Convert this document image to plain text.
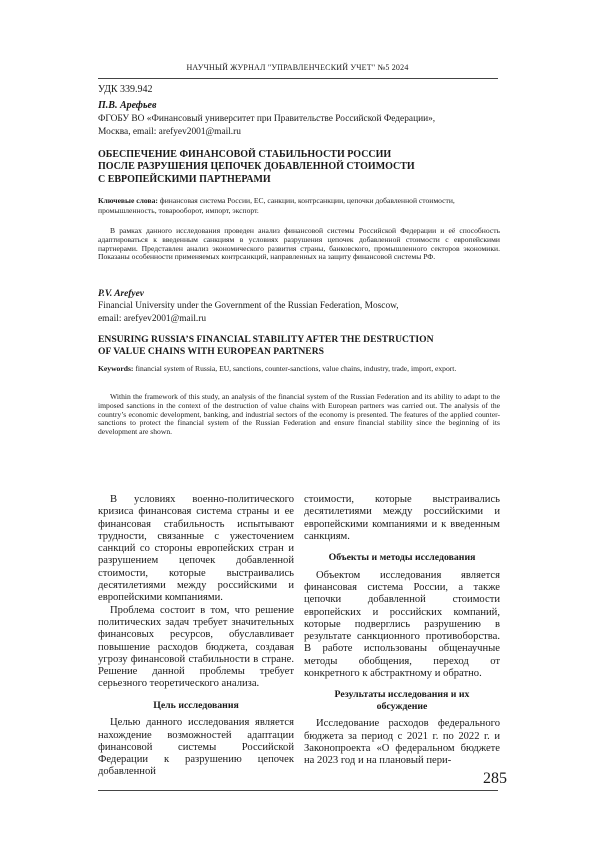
НАУЧНЫЙ ЖУРНАЛ "УПРАВЛЕНЧЕСКИЙ УЧЕТ" №5 2024
УДК 339.942
П.В. Арефьев
ФГОБУ ВО «Финансовый университет при Правительстве Российской Федерации»,
Москва, email: arefyev2001@mail.ru
ОБЕСПЕЧЕНИЕ ФИНАНСОВОЙ СТАБИЛЬНОСТИ РОССИИ
ПОСЛЕ РАЗРУШЕНИЯ ЦЕПОЧЕК ДОБАВЛЕННОЙ СТОИМОСТИ
С ЕВРОПЕЙСКИМИ ПАРТНЕРАМИ
Ключевые слова: финансовая система России, ЕС, санкции, контрсанкции, цепочки добавленной стоимости, промышленность, товарооборот, импорт, экспорт.

В рамках данного исследования проведен анализ финансовой системы Российской Федерации и её способность адаптироваться к введенным санкциям в условиях разрушения цепочек добавленной стоимости с европейскими партнерами. Представлен анализ экономического развития страны, банковского, промышленного секторов экономики. Показаны особенности применяемых контрсанкций, направленных на защиту финансовой системы РФ.

P.V. Arefyev
Financial University under the Government of the Russian Federation, Moscow,
email: arefyev2001@mail.ru
ENSURING RUSSIA’S FINANCIAL STABILITY AFTER THE DESTRUCTION
OF VALUE CHAINS WITH EUROPEAN PARTNERS
Keywords: financial system of Russia, EU, sanctions, counter-sanctions, value chains, industry, trade, import, export.

Within the framework of this study, an analysis of the financial system of the Russian Federation and its ability to adapt to the imposed sanctions in the context of the destruction of value chains with European partners was carried out. The analysis of the country’s economic development, banking, and industrial sectors of the economy is presented. The features of the applied counter-sanctions to protect the financial system of the Russian Federation and ensure financial stability since the beginning of its development are shown.

В условиях военно-политического кризиса финансовая система страны и ее финансовая стабильность испытывают трудности, связанные с ужесточением санкций со стороны европейских стран и разрушением цепочек добавленной стоимости, которые выстраивались десятилетиями между российскими и европейскими компаниями.

Проблема состоит в том, что решение политических задач требует значительных финансовых ресурсов, обуславливает повышение расходов бюджета, создавая угрозу финансовой стабильности в стране. Решение данной проблемы требует серьезного теоретического анализа.

Цель исследования

Целью данного исследования является нахождение возможностей адаптации финансовой системы Российской Федерации к разрушению цепочек добавленной

стоимости, которые выстраивались десятилетиями между российскими и европейскими компаниями и к введенным санкциям.

Объекты и методы исследования

Объектом исследования является финансовая система России, а также цепочки добавленной стоимости европейских и российских компаний, которые подверглись разрушению в результате санкционного противоборства. В работе использованы общенаучные методы обобщения, переход от конкретного к абстрактному и обратно.

Результаты исследования и их обсуждение

Исследование расходов федерального бюджета за период с 2021 г. по 2022 г. и Законопроекта «О федеральном бюджете на 2023 год и на плановый пери-

285
